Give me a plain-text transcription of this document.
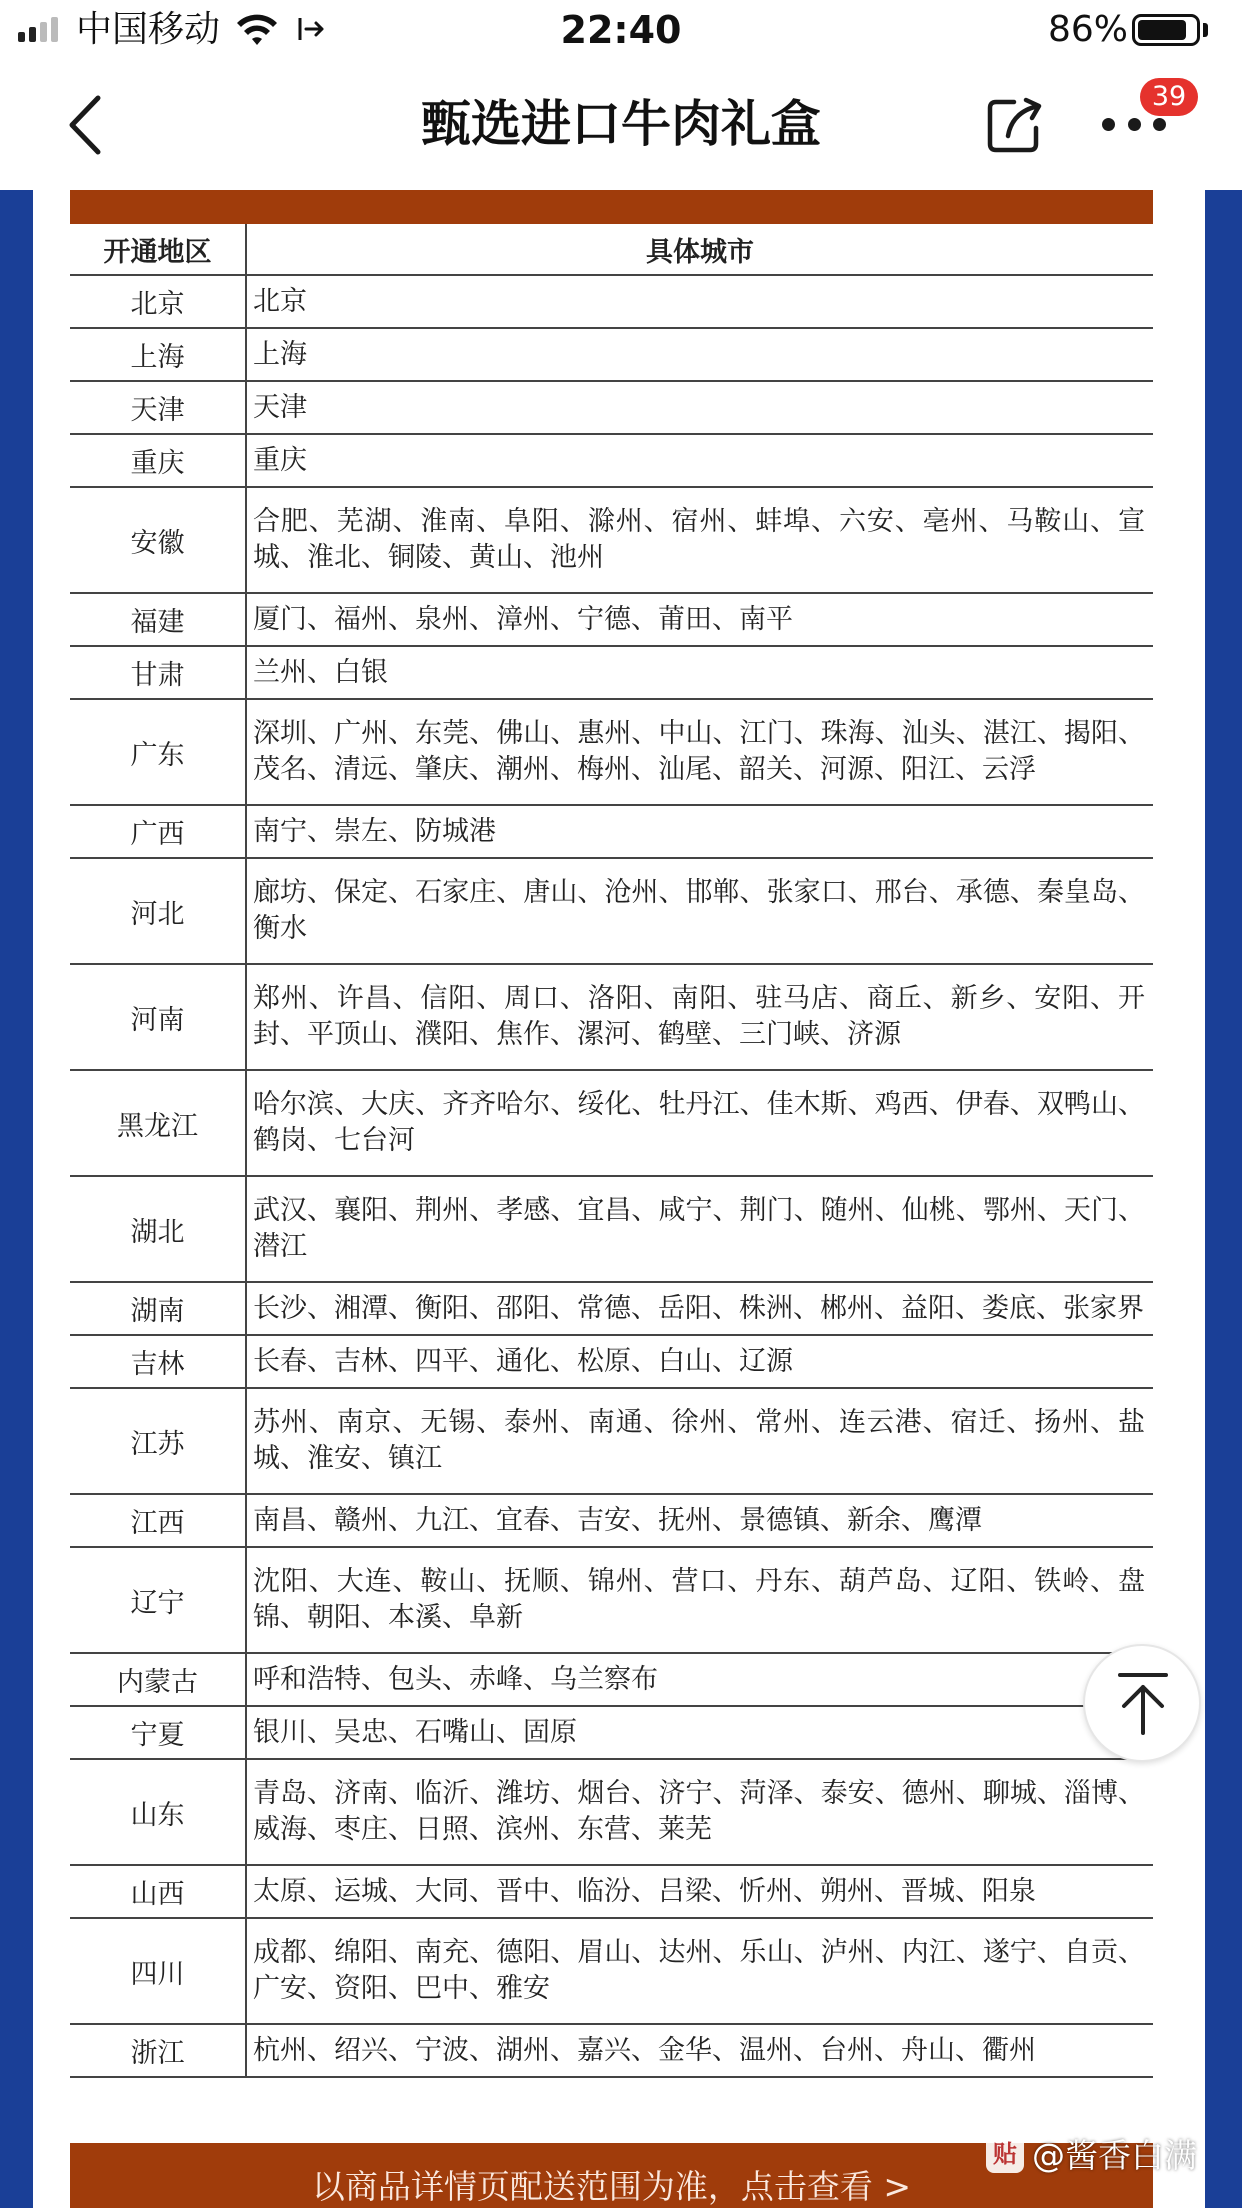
中国移动	22:40	86%
甄选进口牛肉礼盒	39
开通地区	具体城市
北京	北京
上海	上海
天津	天津
重庆	重庆
安徽	合肥、芜湖、淮南、阜阳、滁州、宿州、蚌埠、六安、亳州、马鞍山、宣城、淮北、铜陵、黄山、池州
福建	厦门、福州、泉州、漳州、宁德、莆田、南平
甘肃	兰州、白银
广东	深圳、广州、东莞、佛山、惠州、中山、江门、珠海、汕头、湛江、揭阳、茂名、清远、肇庆、潮州、梅州、汕尾、韶关、河源、阳江、云浮
广西	南宁、崇左、防城港
河北	廊坊、保定、石家庄、唐山、沧州、邯郸、张家口、邢台、承德、秦皇岛、衡水
河南	郑州、许昌、信阳、周口、洛阳、南阳、驻马店、商丘、新乡、安阳、开封、平顶山、濮阳、焦作、漯河、鹤壁、三门峡、济源
黑龙江	哈尔滨、大庆、齐齐哈尔、绥化、牡丹江、佳木斯、鸡西、伊春、双鸭山、鹤岗、七台河
湖北	武汉、襄阳、荆州、孝感、宜昌、咸宁、荆门、随州、仙桃、鄂州、天门、潜江
湖南	长沙、湘潭、衡阳、邵阳、常德、岳阳、株洲、郴州、益阳、娄底、张家界
吉林	长春、吉林、四平、通化、松原、白山、辽源
江苏	苏州、南京、无锡、泰州、南通、徐州、常州、连云港、宿迁、扬州、盐城、淮安、镇江
江西	南昌、赣州、九江、宜春、吉安、抚州、景德镇、新余、鹰潭
辽宁	沈阳、大连、鞍山、抚顺、锦州、营口、丹东、葫芦岛、辽阳、铁岭、盘锦、朝阳、本溪、阜新
内蒙古	呼和浩特、包头、赤峰、乌兰察布
宁夏	银川、吴忠、石嘴山、固原
山东	青岛、济南、临沂、潍坊、烟台、济宁、菏泽、泰安、德州、聊城、淄博、威海、枣庄、日照、滨州、东营、莱芜
山西	太原、运城、大同、晋中、临汾、吕梁、忻州、朔州、晋城、阳泉
四川	成都、绵阳、南充、德阳、眉山、达州、乐山、泸州、内江、遂宁、自贡、广安、资阳、巴中、雅安
浙江	杭州、绍兴、宁波、湖州、嘉兴、金华、温州、台州、舟山、衢州
以商品详情页配送范围为准，点击查看 >
贴 @酱香白满
